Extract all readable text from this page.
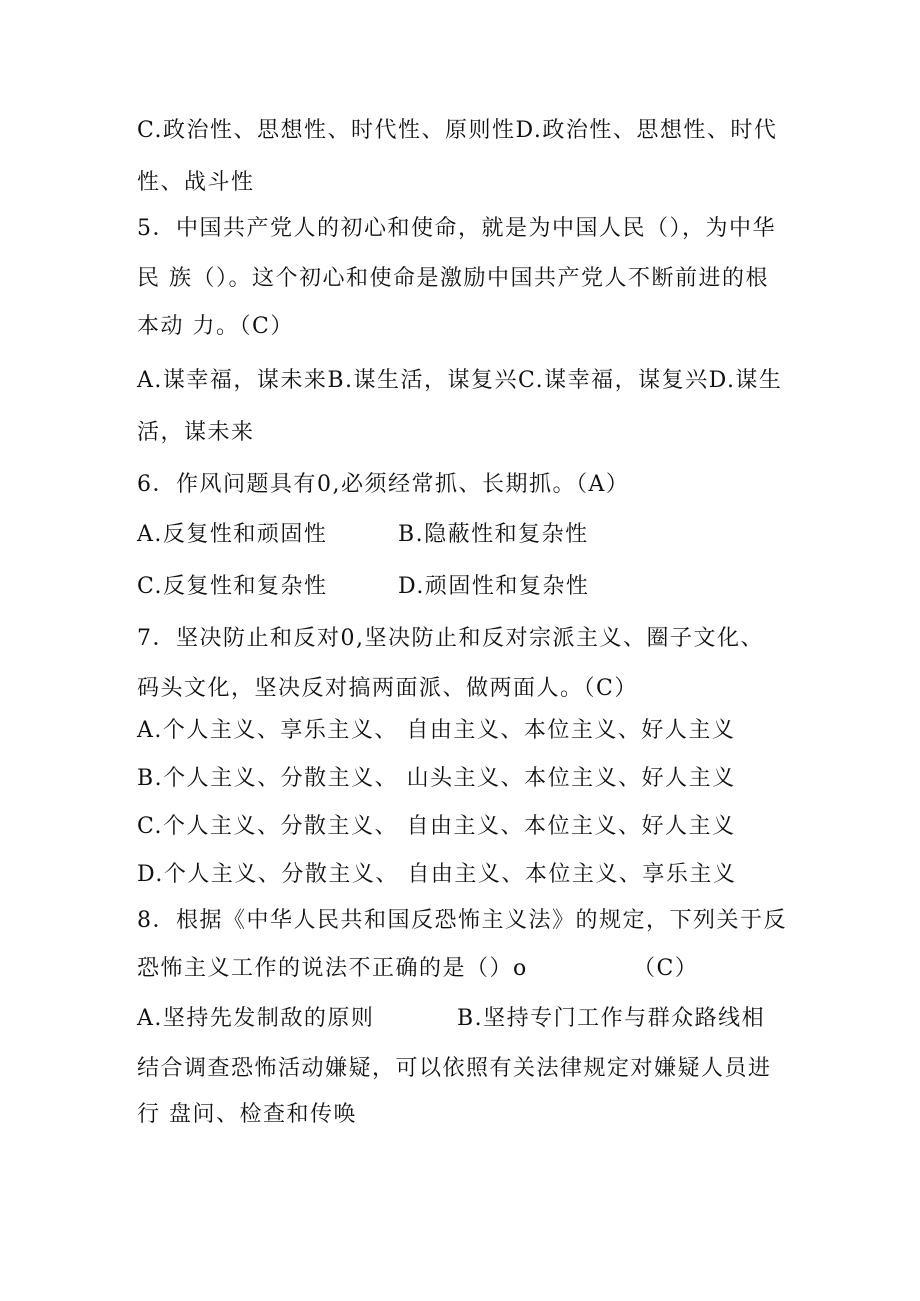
C.政治性、思想性、时代性、原则性D.政治性、思想性、时代
性、战斗性
5．中国共产党人的初心和使命，就是为中国人民（），为中华
民 族（）。这个初心和使命是激励中国共产党人不断前进的根
本动 力。（C）
A.谋幸福，谋未来B.谋生活，谋复兴C.谋幸福，谋复兴D.谋生
活，谋未来
6．作风问题具有0,必须经常抓、长期抓。（A）
A.反复性和顽固性	B.隐蔽性和复杂性
C.反复性和复杂性	D.顽固性和复杂性
7．坚决防止和反对0,坚决防止和反对宗派主义、圈子文化、
码头文化，坚决反对搞两面派、做两面人。（C）
A.个人主义、享乐主义、 自由主义、本位主义、好人主义
B.个人主义、分散主义、 山头主义、本位主义、好人主义
C.个人主义、分散主义、 自由主义、本位主义、好人主义
D.个人主义、分散主义、 自由主义、本位主义、享乐主义
8．根据《中华人民共和国反恐怖主义法》的规定，下列关于反
恐怖主义工作的说法不正确的是（）o	（C）
A.坚持先发制敌的原则	B.坚持专门工作与群众路线相
结合调查恐怖活动嫌疑，可以依照有关法律规定对嫌疑人员进
行 盘问、检查和传唤
